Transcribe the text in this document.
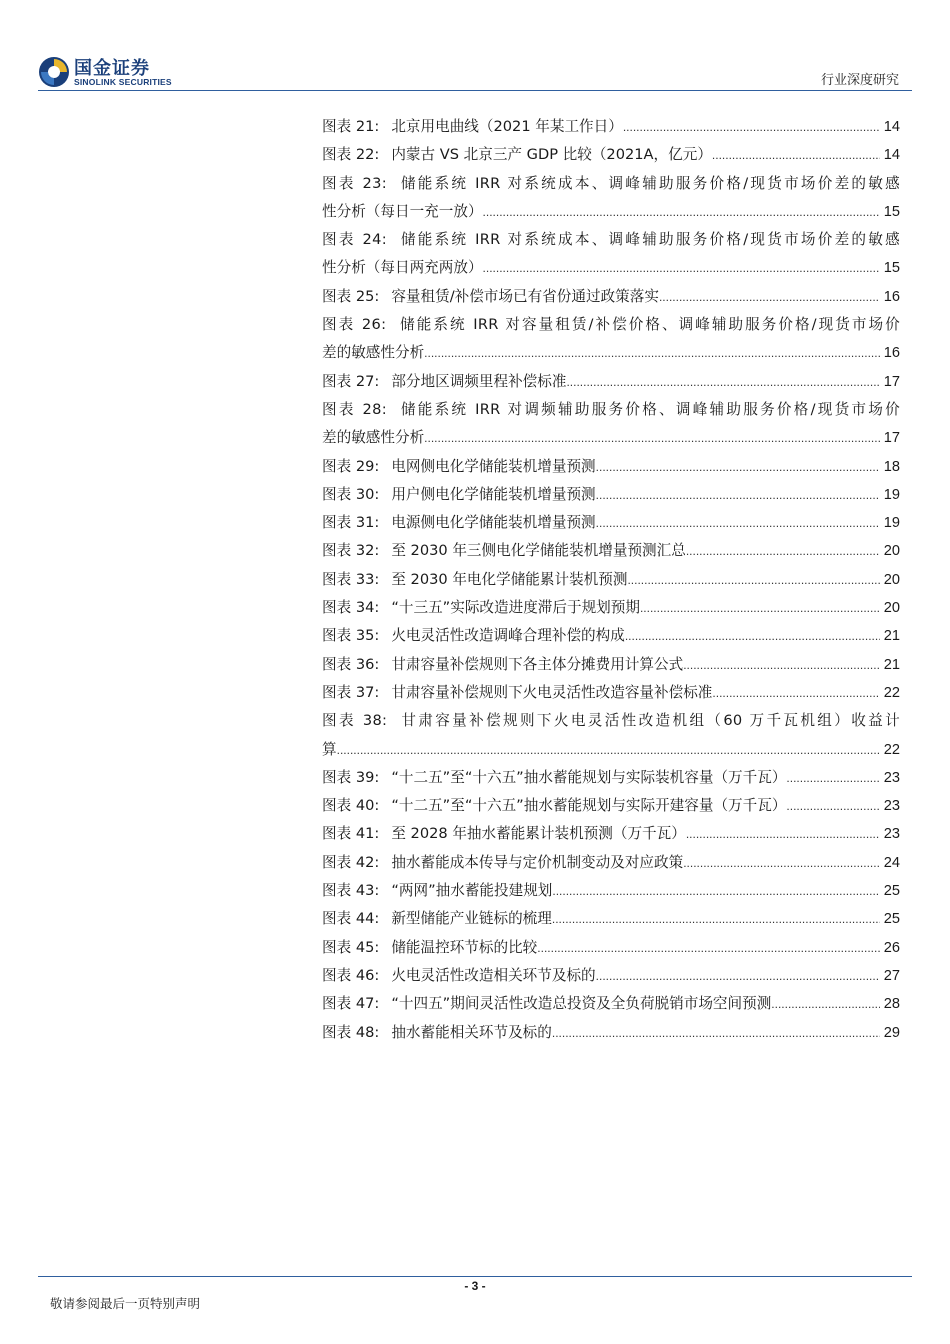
国金证券
SINOLINK SECURITIES	行业深度研究
图表 21: 北京用电曲线（2021 年某工作日） .....	14
图表 22: 内蒙古 VS 北京三产 GDP 比较（2021A，亿元） .....	14
图表 23: 储能系统 IRR 对系统成本、调峰辅助服务价格/现货市场价差的敏感
性分析（每日一充一放） .....	15
图表 24: 储能系统 IRR 对系统成本、调峰辅助服务价格/现货市场价差的敏感
性分析（每日两充两放） .....	15
图表 25: 容量租赁/补偿市场已有省份通过政策落实 .....	16
图表 26: 储能系统 IRR 对容量租赁/补偿价格、调峰辅助服务价格/现货市场价
差的敏感性分析 .....	16
图表 27: 部分地区调频里程补偿标准 .....	17
图表 28: 储能系统 IRR 对调频辅助服务价格、调峰辅助服务价格/现货市场价
差的敏感性分析 .....	17
图表 29: 电网侧电化学储能装机增量预测 .....	18
图表 30: 用户侧电化学储能装机增量预测 .....	19
图表 31: 电源侧电化学储能装机增量预测 .....	19
图表 32: 至 2030 年三侧电化学储能装机增量预测汇总 .....	20
图表 33: 至 2030 年电化学储能累计装机预测 .....	20
图表 34: “十三五”实际改造进度滞后于规划预期 .....	20
图表 35: 火电灵活性改造调峰合理补偿的构成 .....	21
图表 36: 甘肃容量补偿规则下各主体分摊费用计算公式 .....	21
图表 37: 甘肃容量补偿规则下火电灵活性改造容量补偿标准 .....	22
图表 38: 甘肃容量补偿规则下火电灵活性改造机组（60 万千瓦机组）收益计
算 .....	22
图表 39: “十二五”至“十六五”抽水蓄能规划与实际装机容量（万千瓦） .....	23
图表 40: “十二五”至“十六五”抽水蓄能规划与实际开建容量（万千瓦） .....	23
图表 41: 至 2028 年抽水蓄能累计装机预测（万千瓦） .....	23
图表 42: 抽水蓄能成本传导与定价机制变动及对应政策 .....	24
图表 43: “两网”抽水蓄能投建规划 .....	25
图表 44: 新型储能产业链标的梳理 .....	25
图表 45: 储能温控环节标的比较 .....	26
图表 46: 火电灵活性改造相关环节及标的 .....	27
图表 47: “十四五”期间灵活性改造总投资及全负荷脱销市场空间预测 .....	28
图表 48: 抽水蓄能相关环节及标的 .....	29
- 3 -
敬请参阅最后一页特别声明
